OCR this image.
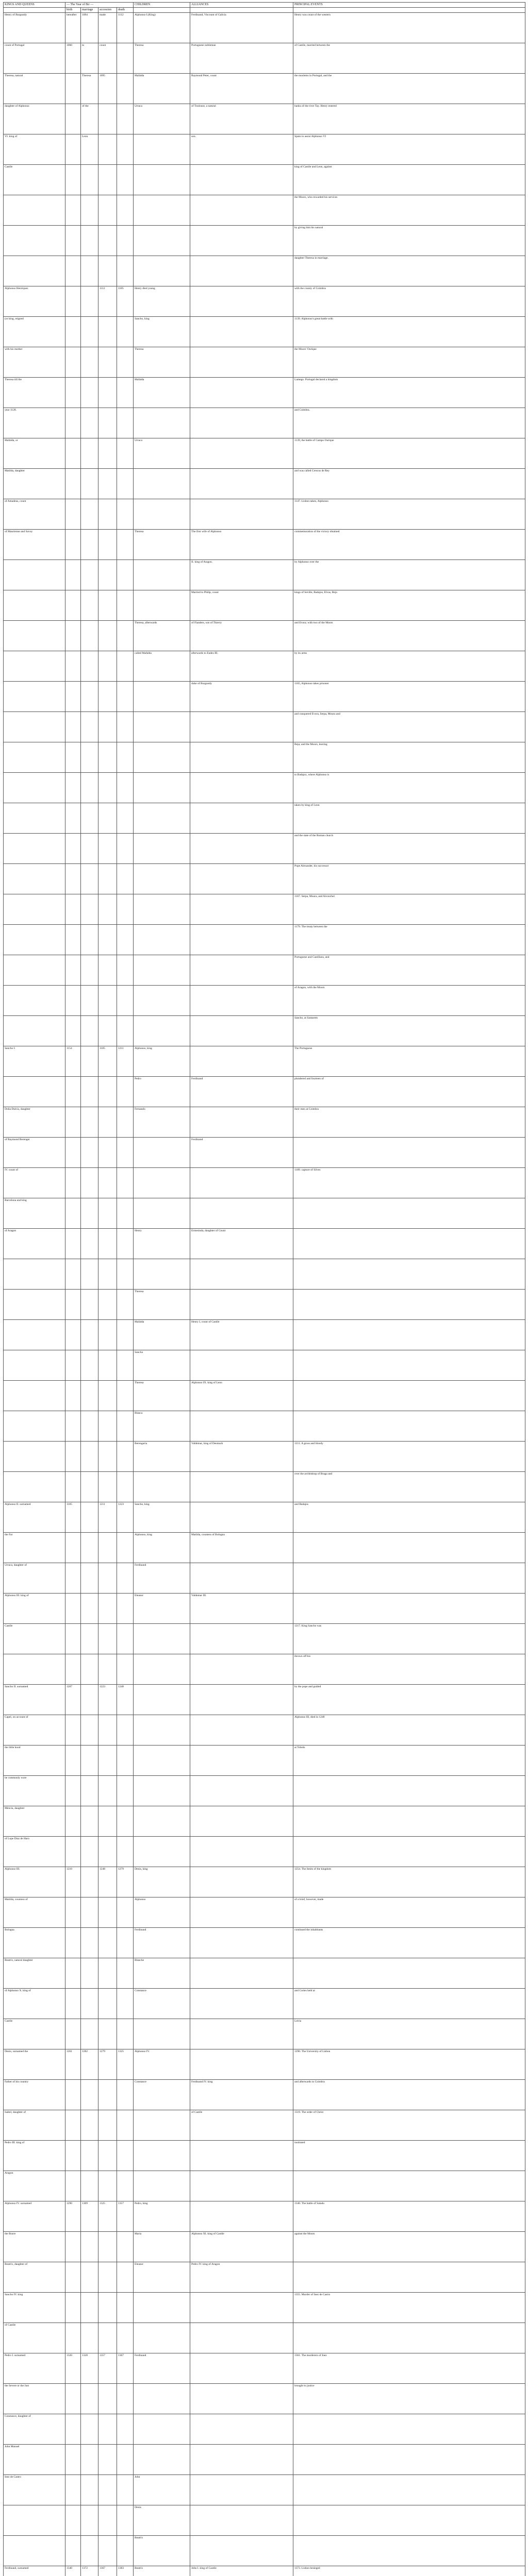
KINGS AND QUEENS	— The Year of Bir —				CHILDREN	ALLIANCES	PRINCIPAL EVENTS
	birth	marriage	accession	death			
Henry of Burgundy	hereafter	1094	made	1112	Alphonso I.(King)	Ferdinand, Viscount of Galicia	Henry was count of the western
count of Portugal	1060	to	count		Theresa	Portuguese nobleman	of Castile, married between the
Theresa, natural		Theresa	1095		Mafalda	Raymond Peter, count	the moslems in Portugal, and the
daughter of Alphonso		of the			Urraca	of Toulouse, a natural	banks of the river Tay. Henry entered
VI. king of		Leon				son.	Spain to assist Alphonso VI
Castile							king of Castile and Leon, against
							the Moors, who rewarded his services
							by giving him his natural
							daughter Theresa in marriage.
Alphonso Henriquez			1112	1185	Henry died young		with the county of Coimbra
(or king, reigned					Sancho, king		1139. Alphonso's great battle with
with his mother					Theresa		the Moors' Ourique
Theresa till the					Mafalda		Lamego. Portugal declared a kingdom
year 1128.							and Coimbra.
Mafalda, or					Urraca		1139, the battle of Campo Ourique
Matilda, daughter							and was called Crescus de Rey
of Amadeus, count							1147. Lisbon taken, Alphonso
of Maurienne and Savoy					Theresa	The first wife of Alphonso	commemoration of the victory obtained
						II. king of Aragon.	by Alphonso over the
						Married to Philip, count	kings of Seville, Badajos, Elvas, Beja
					Theresa, afterwards	of Flanders, son of Thierry	and Evora; with two of the Moors
					called Mafalda	afterwards to Eudes III.	by its arms
						duke of Burgundy	1165, Alphonso takes prisoner
							and conquered Evora, Serpa, Moura and
							Beja; and the Moors, leaving
							to Badajoz, where Alphonso is
							taken by king of Leon
							and the state of the Roman church
							Pope Alexander, his successor
							1167. Serpa, Moura, and Alconchel
							1179. The treaty between the
							Portuguese and Castilians, and
							of Aragon, with the Moors
							Sancho, at Santarem
Sancho I.	1154		1185	1211	Alphonso, king		The Portuguese
					Pedro	Ferdinand	plundered and fourteen of
Doña Dulcia, daughter					Fernando		their men at Coimbra
of Raymond Berenger						Ferdinand	
IV. count of							1189. capture of Silves
Barcelona and king							
of Aragon					Henry	Ermesinda, daughter of Count	

					Theresa		
					Mafalda	Henry I, count of Castile	
					Sancha		
					Theresa	Alphonso IX. king of Leon	
					Blanca		
					Berengaria	Valdemar, king of Denmark	1211. A gross and bloody
							over the archbishop of Braga and
Alphonso II. surnamed	1185		1211	1223	Sancho, king		and Badajos
the Fat					Alphonso, king	Matilda, countess of Bologna	
Urraca, daughter of					Ferdinand		
Alphonso III. king of					Eleanor	Valdemar III.	
Castile							1217. King Sancho was
							thrown off his
Sancho II. surnamed	1207		1223	1248			by the pope and guided
Capel, on account of							Alphonso III, died in 1248
the little hood							at Toledo
he commonly wore							
Mencia, daughter							
of Lope Diaz de Haro							
Alphonso III.	1210		1248	1279	Denis, king		1254. The limits of the kingdom
Matilda, countess of					Alphonso		of a brief, however, made
Bologna					Ferdinand		continued the inhabitants
Beatrix, natural daughter					Blanche		
of Alphonso X. king of					Constance		and Cortes held at
Castile							Leiria
Denis, surnamed the	1261	1282	1279	1325	Alphonso IV.		1290. The University of Lisbon
Father of his country					Constance	Ferdinand IV. king	and afterwards to Coimbra
Isabel, daughter of						of Castile	1319. The order of Christ
Pedro III. king of							instituted
Aragon							
Alphonso IV. surnamed	1290	1309	1325	1357	Pedro, king		1340. The battle of Salado
the Brave					Maria	Alphonso XI. king of Castile	against the Moors
Beatrix, daughter of					Eleanor	Pedro IV. king of Aragon	
Sancho IV. king							1355. Murder of Inez de Castro
of Castile							
Pedro I. surnamed	1320	1328	1357	1367	Ferdinand		1361. The murderers of Inez
the Severe or the Just							brought to justice
Constance, daughter of							
John Manuel							
Inez de Castro					John		
					Denis		
					Beatrix		
Ferdinand, surnamed	1340	1372	1367	1383	Beatrix	John I. king of Castile	1373. Lisbon besieged
